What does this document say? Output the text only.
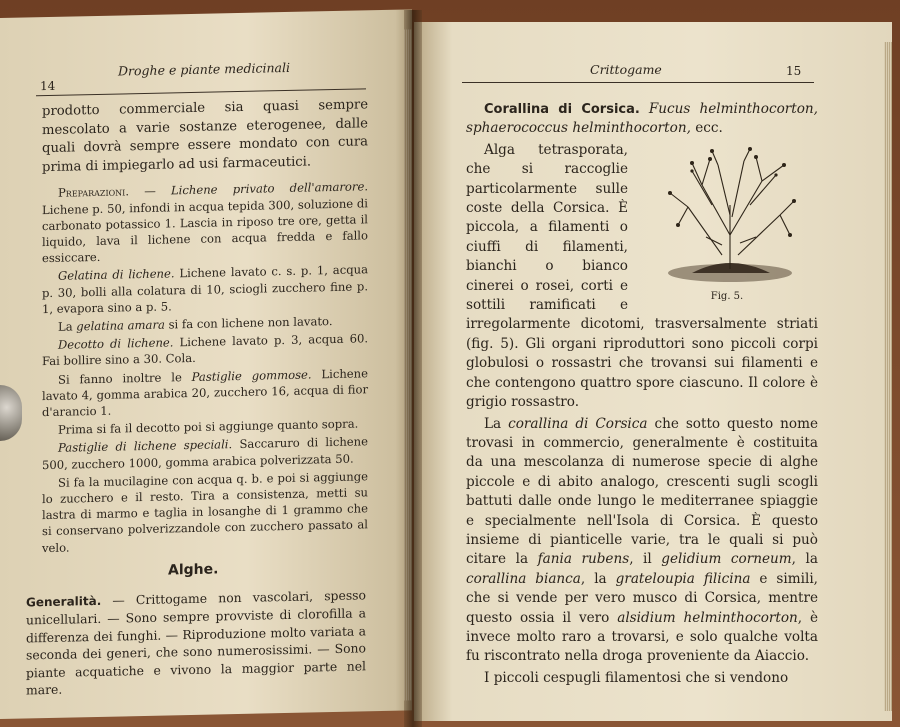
14
Droghe e piante medicinali

prodotto commerciale sia quasi sempre mescolato a varie sostanze eterogenee, dalle quali dovrà sempre essere mondato con cura prima di impiegarlo ad usi farmaceutici.

Preparazioni. — Lichene privato dell'amarore. Lichene p. 50, infondi in acqua tepida 300, soluzione di carbonato potassico 1. Lascia in riposo tre ore, getta il liquido, lava il lichene con acqua fredda e fallo essiccare.

Gelatina di lichene. Lichene lavato c. s. p. 1, acqua p. 30, bolli alla colatura di 10, sciogli zucchero fine p. 1, evapora sino a p. 5.

La gelatina amara si fa con lichene non lavato.

Decotto di lichene. Lichene lavato p. 3, acqua 60. Fai bollire sino a 30. Cola.

Si fanno inoltre le Pastiglie gommose. Lichene lavato 4, gomma arabica 20, zucchero 16, acqua di fior d'arancio 1.

Prima si fa il decotto poi si aggiunge quanto sopra.

Pastiglie di lichene speciali. Saccaruro di lichene 500, zucchero 1000, gomma arabica polverizzata 50.

Si fa la mucilagine con acqua q. b. e poi si aggiunge lo zucchero e il resto. Tira a consistenza, metti su lastra di marmo e taglia in losanghe di 1 grammo che si conservano polverizzandole con zucchero passato al velo.

Alghe.

Generalità. — Crittogame non vascolari, spesso unicellulari. — Sono sempre provviste di clorofilla a differenza dei funghi. — Riproduzione molto variata a seconda dei generi, che sono numerosissimi. — Sono piante acquatiche e vivono la maggior parte nel mare.

Crittogame	15

Corallina di Corsica. Fucus helminthocorton, sphaerococcus helminthocorton, ecc.

Fig. 5.

Alga tetrasporata, che si raccoglie particolarmente sulle coste della Corsica. È piccola, a filamenti o ciuffi di filamenti, bianchi o bianco cinerei o rosei, corti e sottili ramificati e irregolarmente dicotomi, trasversalmente striati (fig. 5). Gli organi riproduttori sono piccoli corpi globulosi o rossastri che trovansi sui filamenti e che contengono quattro spore ciascuno. Il colore è grigio rossastro.

La corallina di Corsica che sotto questo nome trovasi in commercio, generalmente è costituita da una mescolanza di numerose specie di alghe piccole e di abito analogo, crescenti sugli scogli battuti dalle onde lungo le mediterranee spiaggie e specialmente nell'Isola di Corsica. È questo insieme di pianticelle varie, tra le quali si può citare la fania rubens, il gelidium corneum, la corallina bianca, la grateloupia filicina e simili, che si vende per vero musco di Corsica, mentre questo ossia il vero alsidium helminthocorton, è invece molto raro a trovarsi, e solo qualche volta fu riscontrato nella droga proveniente da Aiaccio.

I piccoli cespugli filamentosi che si vendono
